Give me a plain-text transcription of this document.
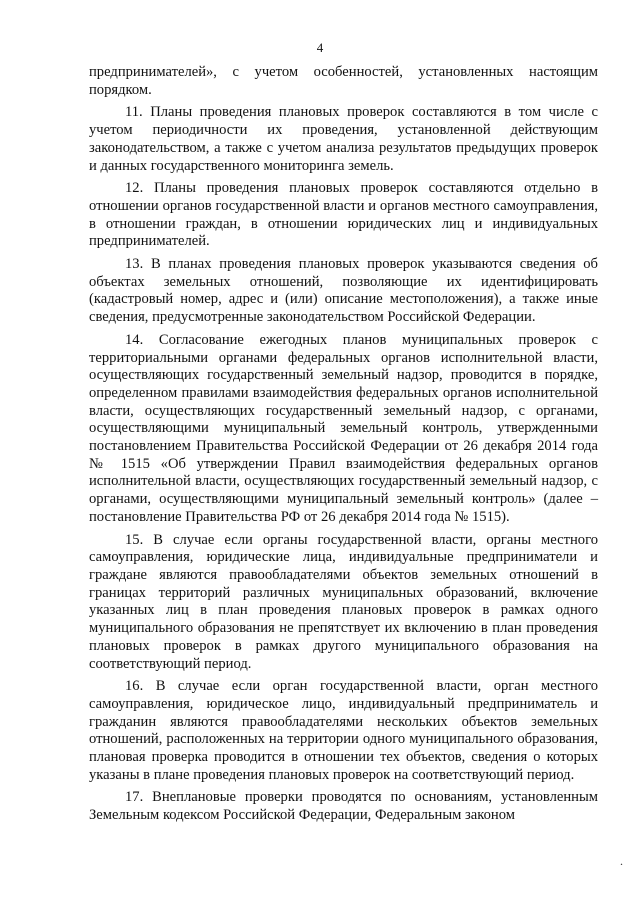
4

предпринимателей», с учетом особенностей, установленных настоящим порядком.

11. Планы проведения плановых проверок составляются в том числе с учетом периодичности их проведения, установленной действующим законодательством, а также с учетом анализа результатов предыдущих проверок и данных государственного мониторинга земель.

12. Планы проведения плановых проверок составляются отдельно в отношении органов государственной власти и органов местного самоуправления, в отношении граждан, в отношении юридических лиц и индивидуальных предпринимателей.

13. В планах проведения плановых проверок указываются сведения об объектах земельных отношений, позволяющие их идентифицировать (кадастровый номер, адрес и (или) описание местоположения), а также иные сведения, предусмотренные законодательством Российской Федерации.

14. Согласование ежегодных планов муниципальных проверок с территориальными органами федеральных органов исполнительной власти, осуществляющих государственный земельный надзор, проводится в порядке, определенном правилами взаимодействия федеральных органов исполнительной власти, осуществляющих государственный земельный надзор, с органами, осуществляющими муниципальный земельный контроль, утвержденными постановлением Правительства Российской Федерации от 26 декабря 2014 года № 1515 «Об утверждении Правил взаимодействия федеральных органов исполнительной власти, осуществляющих государственный земельный надзор, с органами, осуществляющими муниципальный земельный контроль» (далее – постановление Правительства РФ от 26 декабря 2014 года № 1515).

15. В случае если органы государственной власти, органы местного самоуправления, юридические лица, индивидуальные предприниматели и граждане являются правообладателями объектов земельных отношений в границах территорий различных муниципальных образований, включение указанных лиц в план проведения плановых проверок в рамках одного муниципального образования не препятствует их включению в план проведения плановых проверок в рамках другого муниципального образования на соответствующий период.

16. В случае если орган государственной власти, орган местного самоуправления, юридическое лицо, индивидуальный предприниматель и гражданин являются правообладателями нескольких объектов земельных отношений, расположенных на территории одного муниципального образования, плановая проверка проводится в отношении тех объектов, сведения о которых указаны в плане проведения плановых проверок на соответствующий период.

17. Внеплановые проверки проводятся по основаниям, установленным Земельным кодексом Российской Федерации, Федеральным законом

.
